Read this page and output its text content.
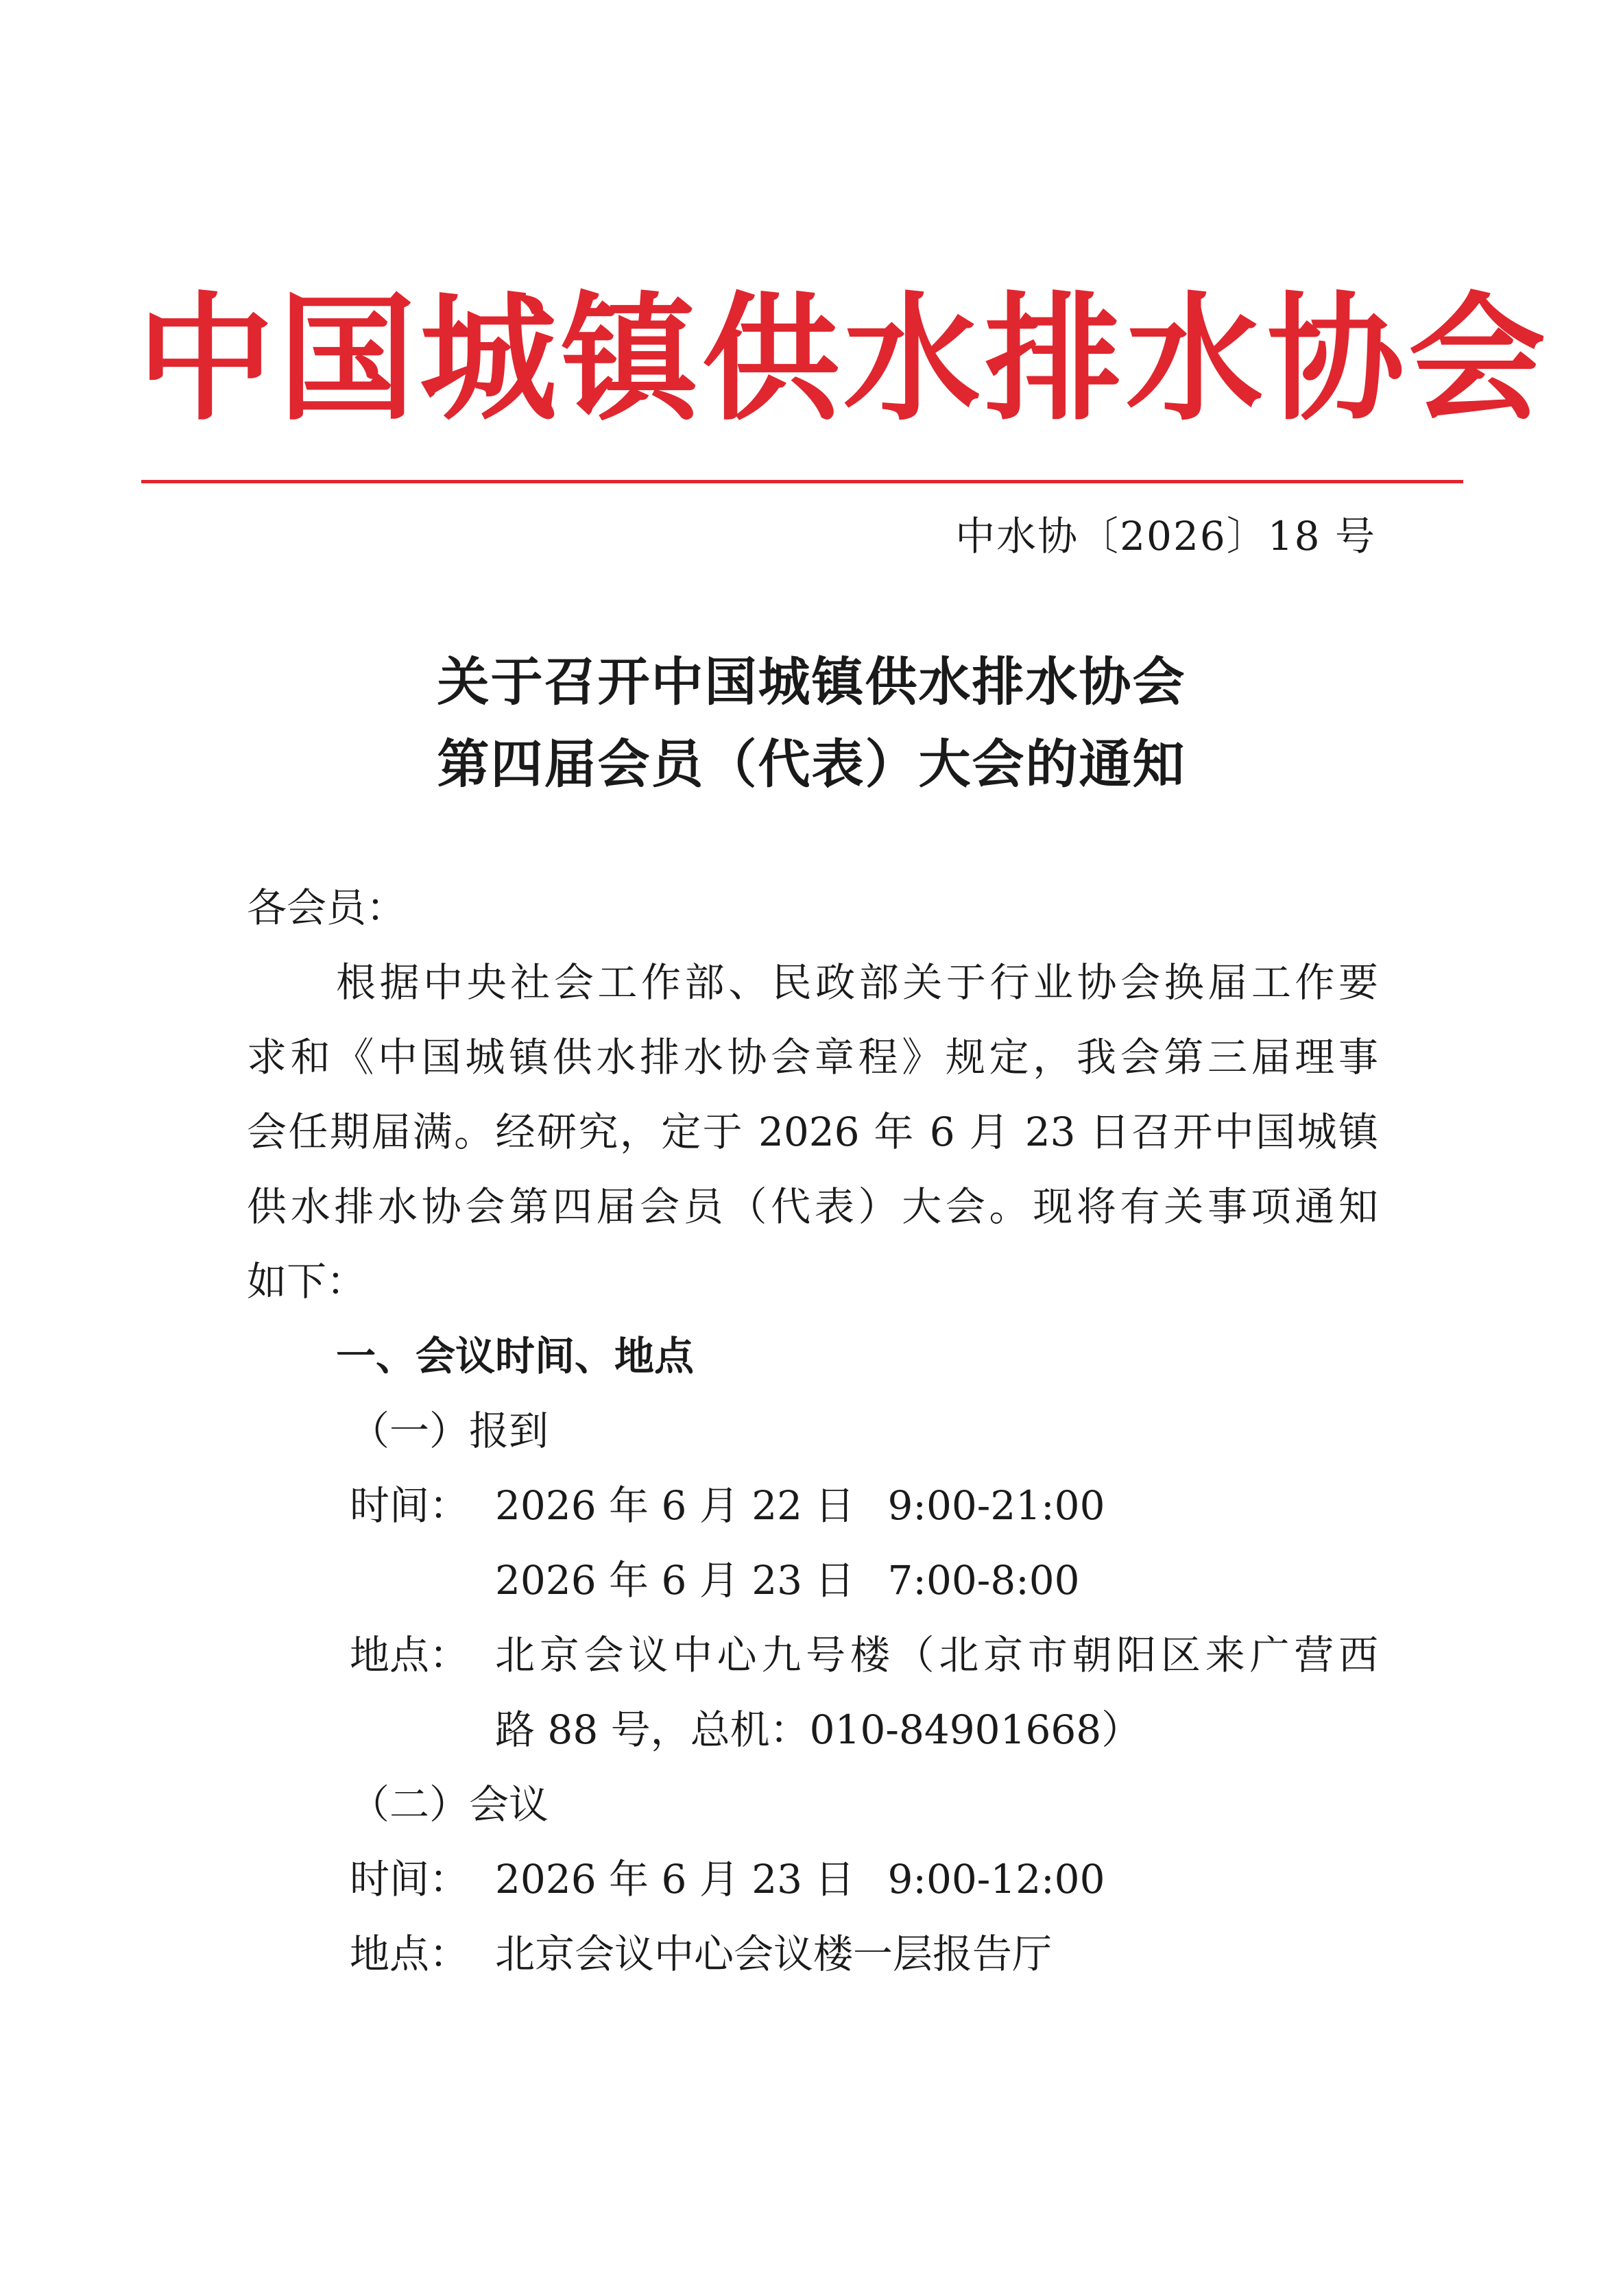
中国城镇供水排水协会
中水协〔2026〕18 号
关于召开中国城镇供水排水协会
第四届会员（代表）大会的通知
各会员：
根据中央社会工作部、民政部关于行业协会换届工作要
求和《中国城镇供水排水协会章程》规定，我会第三届理事
会任期届满。经研究，定于 2026 年 6 月 23 日召开中国城镇
供水排水协会第四届会员（代表）大会。现将有关事项通知
如下：
一、会议时间、地点
（一）报到
时间： 2026 年 6 月 22 日 9:00-21:00
2026 年 6 月 23 日 7:00-8:00
地点： 北京会议中心九号楼（北京市朝阳区来广营西
路 88 号，总机：010-84901668）
（二）会议
时间： 2026 年 6 月 23 日 9:00-12:00
地点： 北京会议中心会议楼一层报告厅
